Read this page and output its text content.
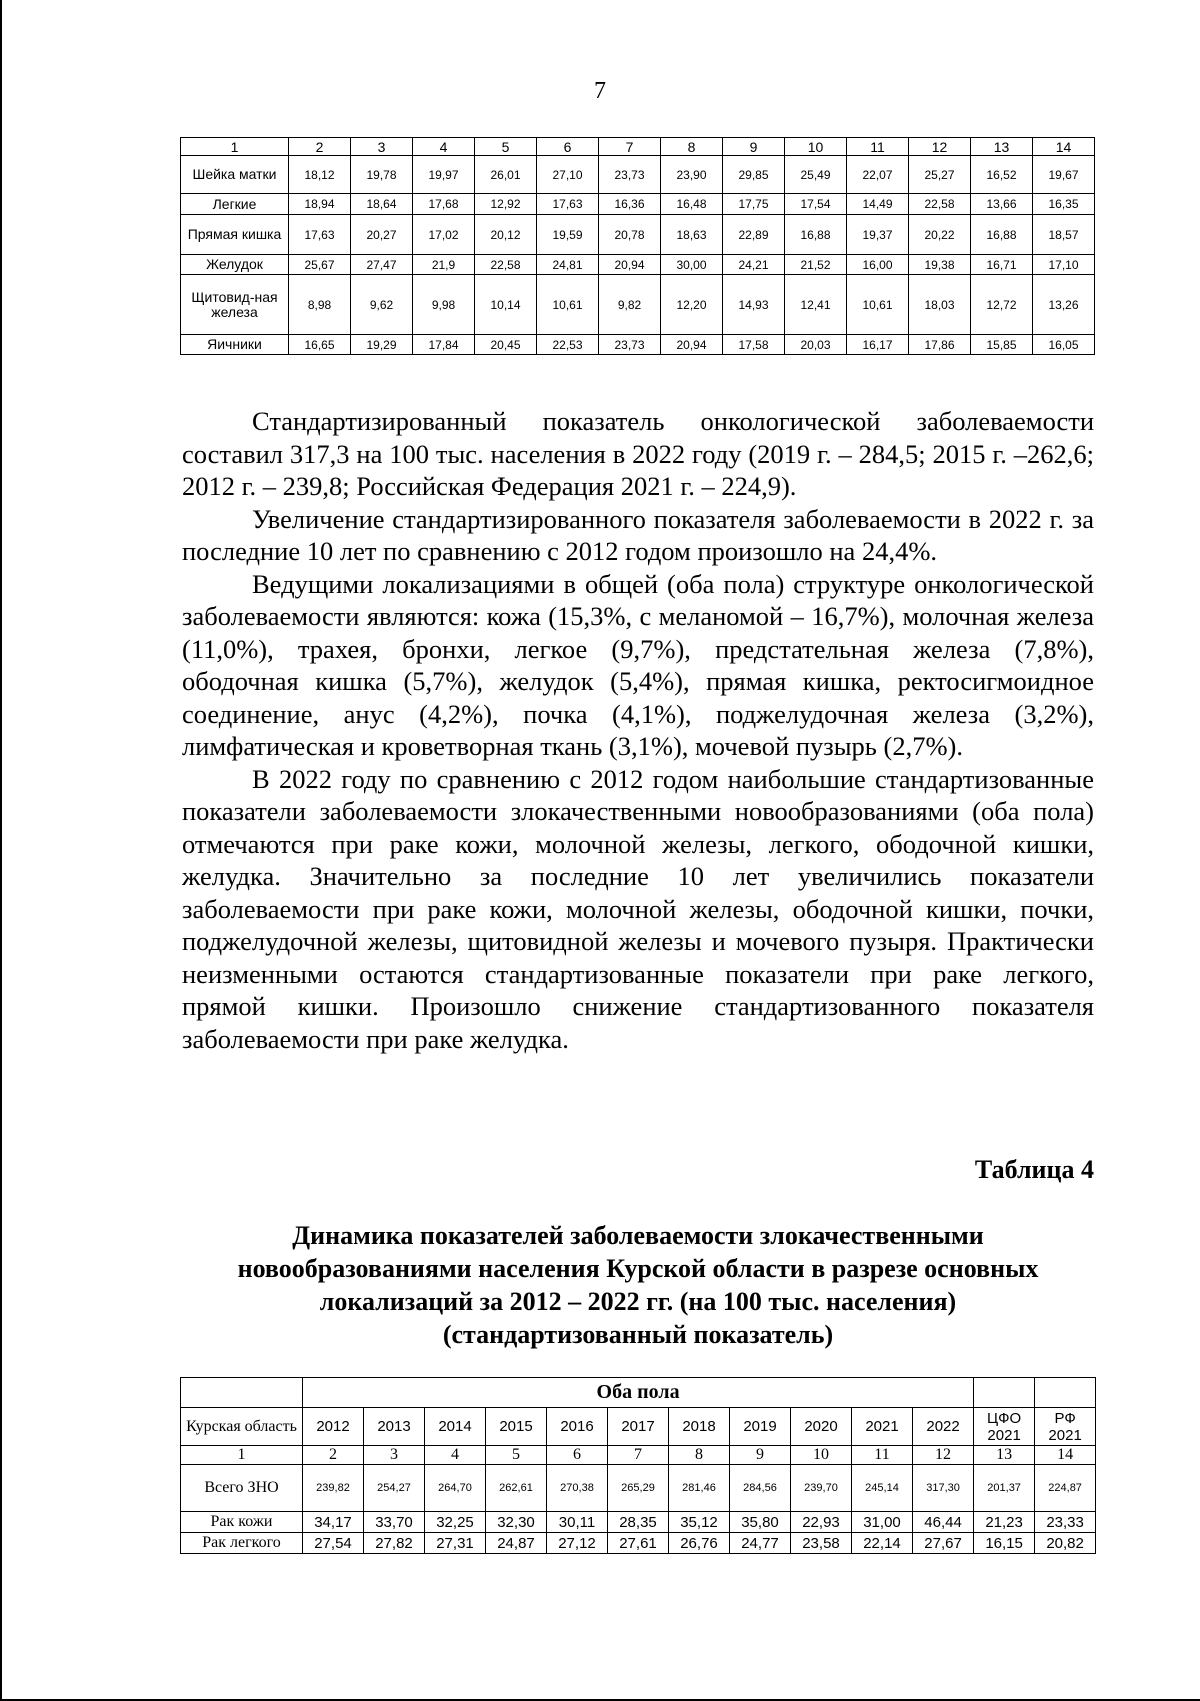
7
1	2	3	4	5	6	7	8	9	10	11	12	13	14
Шейка матки	18,12	19,78	19,97	26,01	27,10	23,73	23,90	29,85	25,49	22,07	25,27	16,52	19,67
Легкие	18,94	18,64	17,68	12,92	17,63	16,36	16,48	17,75	17,54	14,49	22,58	13,66	16,35
Прямая кишка	17,63	20,27	17,02	20,12	19,59	20,78	18,63	22,89	16,88	19,37	20,22	16,88	18,57
Желудок	25,67	27,47	21,9	22,58	24,81	20,94	30,00	24,21	21,52	16,00	19,38	16,71	17,10
Щитовид-ная железа	8,98	9,62	9,98	10,14	10,61	9,82	12,20	14,93	12,41	10,61	18,03	12,72	13,26
Яичники	16,65	19,29	17,84	20,45	22,53	23,73	20,94	17,58	20,03	16,17	17,86	15,85	16,05

Стандартизированный показатель онкологической заболеваемости составил 317,3 на 100 тыс. населения в 2022 году (2019 г. – 284,5; 2015 г. –262,6; 2012 г. – 239,8; Российская Федерация 2021 г. – 224,9).

Увеличение стандартизированного показателя заболеваемости в 2022 г. за последние 10 лет по сравнению с 2012 годом произошло на 24,4%.

Ведущими локализациями в общей (оба пола) структуре онкологической заболеваемости являются: кожа (15,3%, с меланомой – 16,7%), молочная железа (11,0%), трахея, бронхи, легкое (9,7%), предстательная железа (7,8%), ободочная кишка (5,7%), желудок (5,4%), прямая кишка, ректосигмоидное соединение, анус (4,2%), почка (4,1%), поджелудочная железа (3,2%), лимфатическая и кроветворная ткань (3,1%), мочевой пузырь (2,7%).

В 2022 году по сравнению с 2012 годом наибольшие стандартизованные показатели заболеваемости злокачественными новообразованиями (оба пола) отмечаются при раке кожи, молочной железы, легкого, ободочной кишки, желудка. Значительно за последние 10 лет увеличились показатели заболеваемости при раке кожи, молочной железы, ободочной кишки, почки, поджелудочной железы, щитовидной железы и мочевого пузыря. Практически неизменными остаются стандартизованные показатели при раке легкого, прямой кишки. Произошло снижение стандартизованного показателя заболеваемости при раке желудка.

Таблица 4
Динамика показателей заболеваемости злокачественными
новообразованиями населения Курской области в разрезе основных
локализаций за 2012 – 2022 гг. (на 100 тыс. населения)
(стандартизованный показатель)
	Оба пола												
Курская область	2012	2013	2014	2015	2016	2017	2018	2019	2020	2021	2022	ЦФО 2021	РФ 2021
1	2	3	4	5	6	7	8	9	10	11	12	13	14
Всего ЗНО	239,82	254,27	264,70	262,61	270,38	265,29	281,46	284,56	239,70	245,14	317,30	201,37	224,87
Рак кожи	34,17	33,70	32,25	32,30	30,11	28,35	35,12	35,80	22,93	31,00	46,44	21,23	23,33
Рак легкого	27,54	27,82	27,31	24,87	27,12	27,61	26,76	24,77	23,58	22,14	27,67	16,15	20,82
